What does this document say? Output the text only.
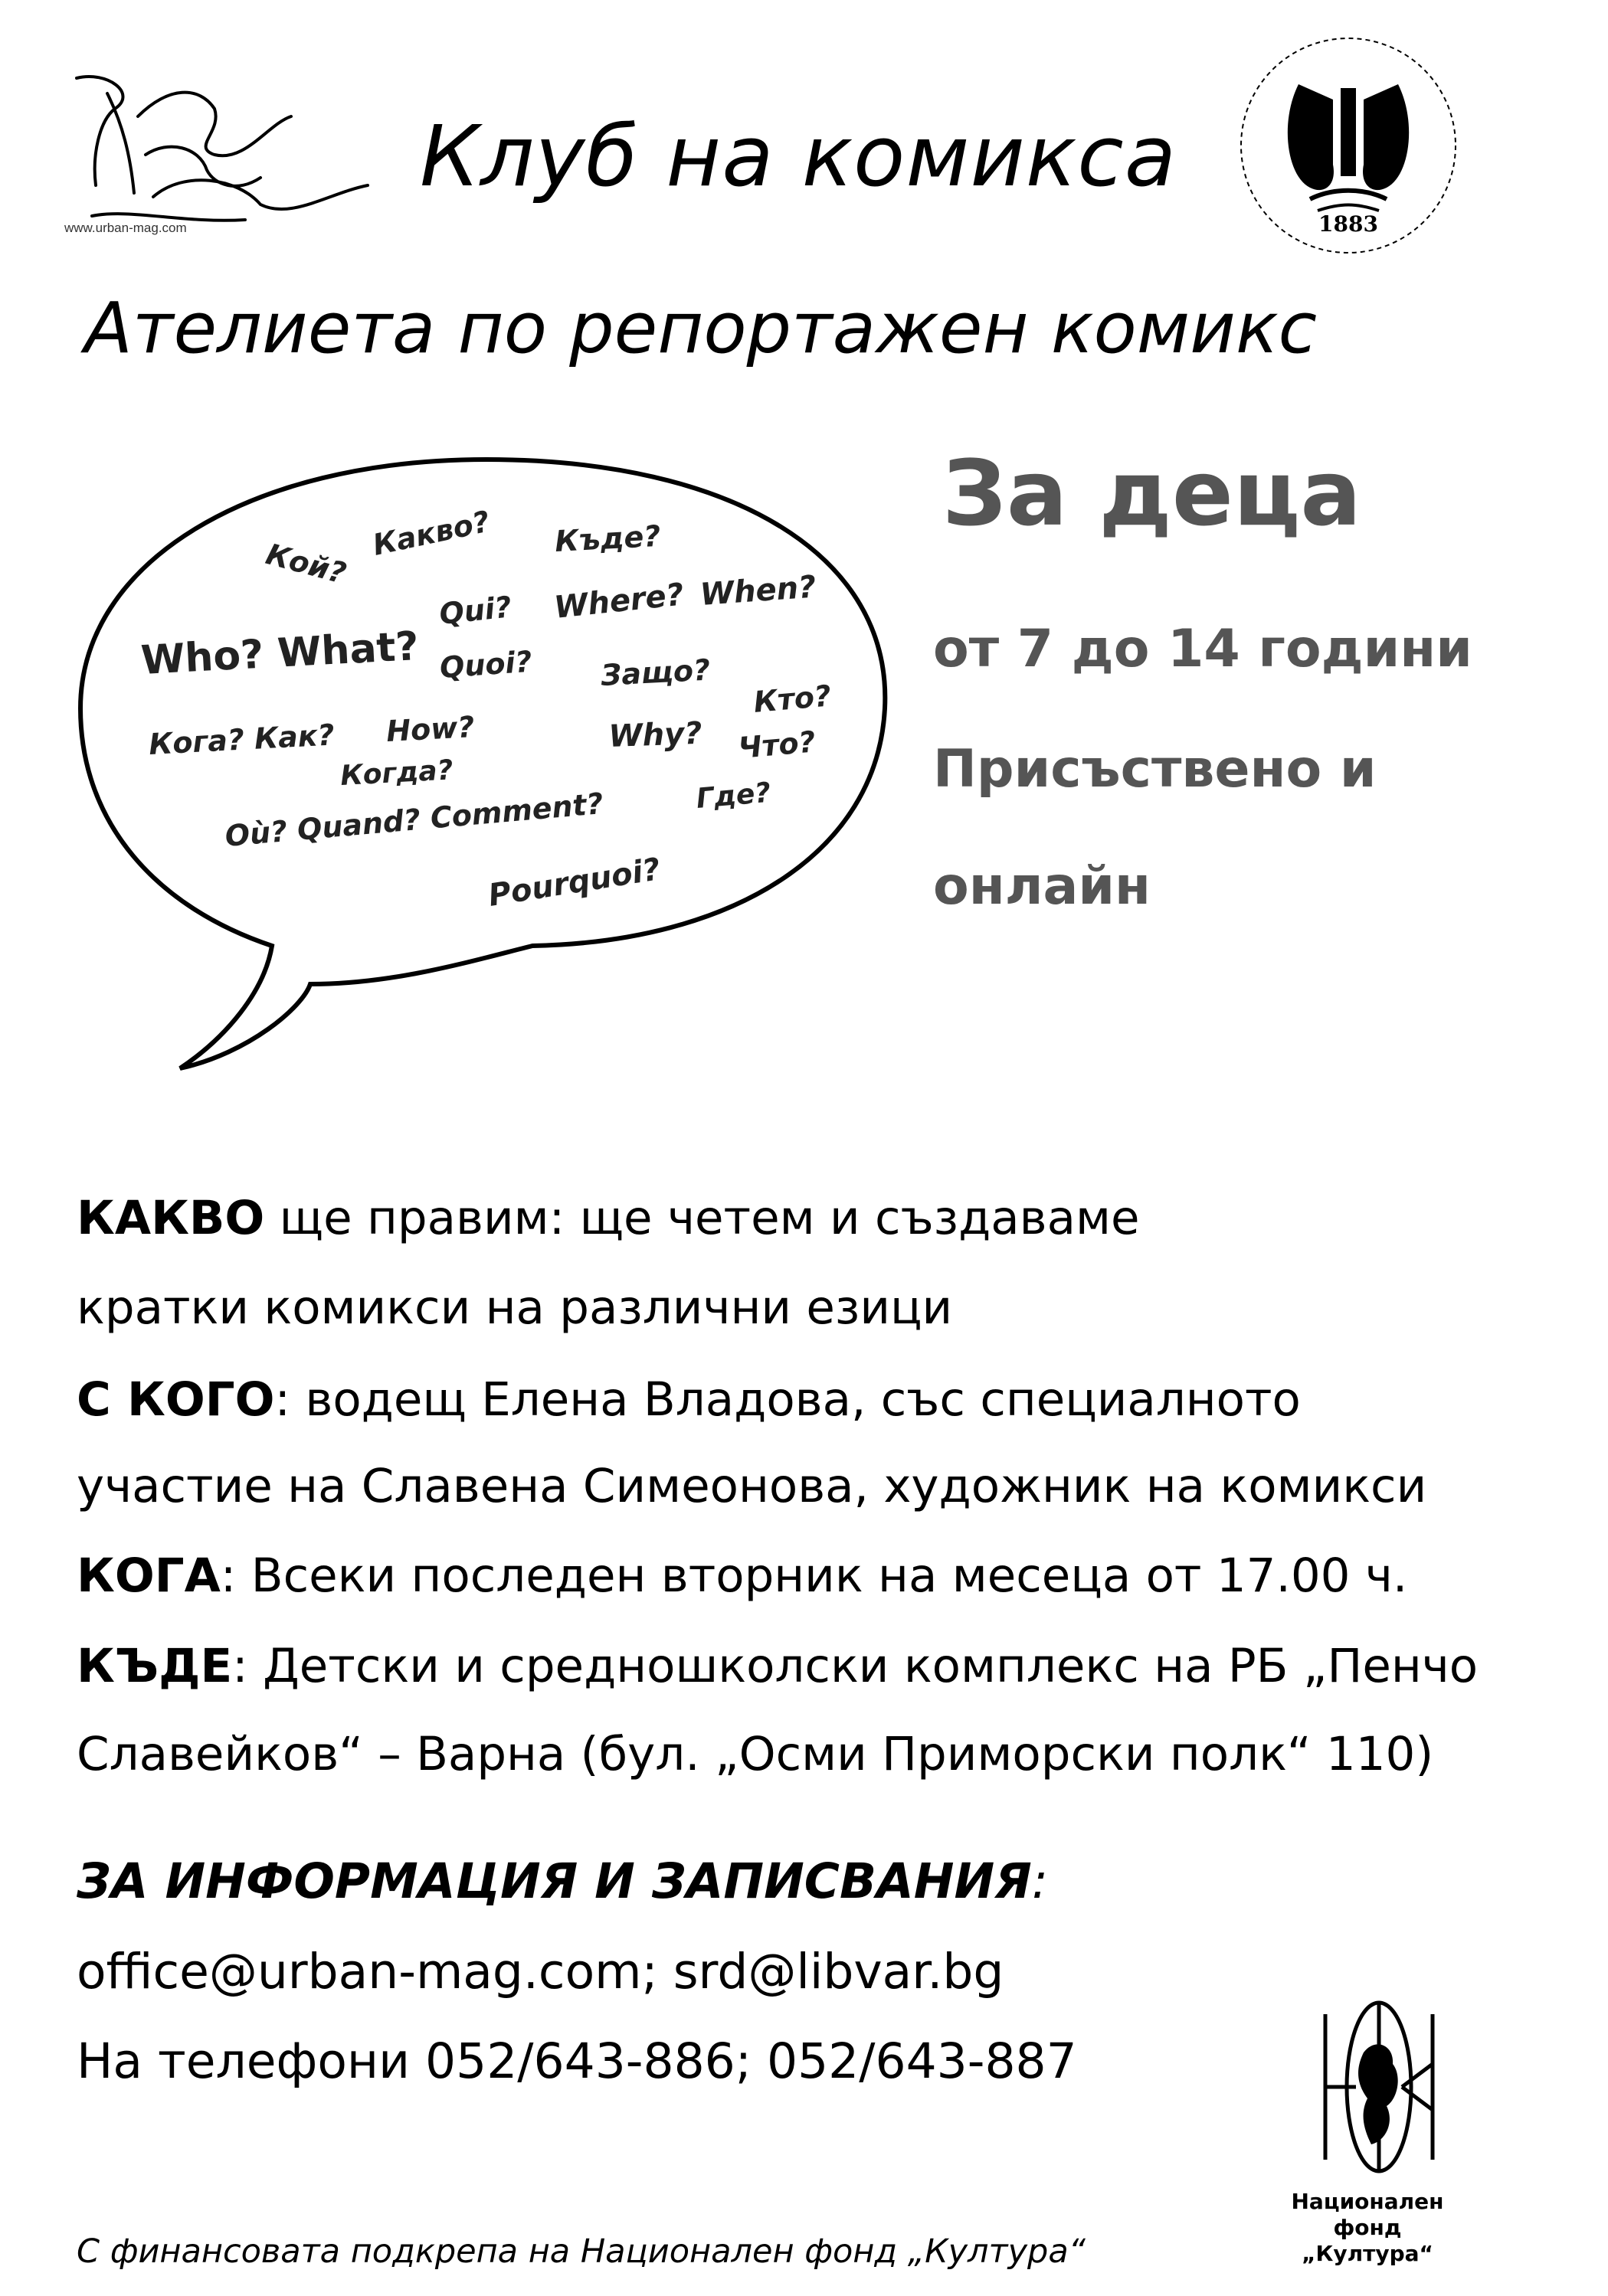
www.urban-mag.com
Клуб на комикса
1883
Ателиета по репортажен комикс
Кой?
Какво? Къде?
Qui? Where? When?
Who? What? Quoi? Защо?
Кто?
Кога? Как? How?	Why? Что?
Когда?
Где?
Où? Quand? Comment?
Pourquoi?
За деца
от 7 до 14 години
Присъствено и
онлайн
КАКВО ще правим: ще четем и създаваме
кратки комикси на различни езици
С КОГО: водещ Елена Владова, със специалното
участие на Славена Симеонова, художник на комикси
КОГА: Всеки последен вторник на месеца от 17.00 ч.
КЪДЕ: Детски и средношколски комплекс на РБ „Пенчо
Славейков“ – Варна (бул. „Осми Приморски полк“ 110)
ЗА ИНФОРМАЦИЯ И ЗАПИСВАНИЯ:
office@urban-mag.com; srd@libvar.bg
На телефони 052/643-886; 052/643-887
С финансовата подкрепа на Национален фонд „Култура“
Национален
фонд
„Култура“
